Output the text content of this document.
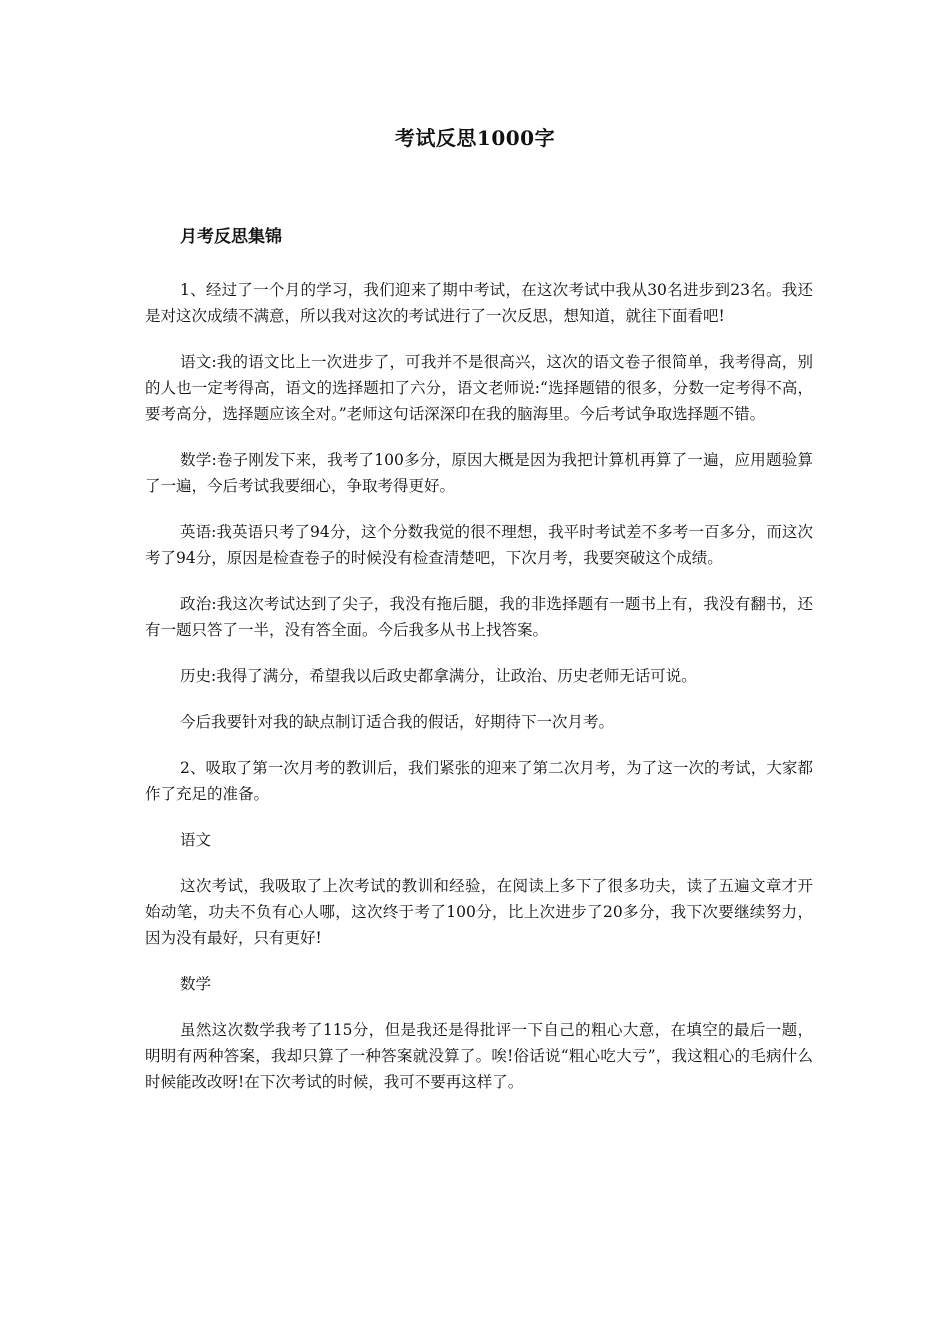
考试反思1000字
月考反思集锦

1、经过了一个月的学习，我们迎来了期中考试，在这次考试中我从30名进步到23名。我还是对这次成绩不满意，所以我对这次的考试进行了一次反思，想知道，就往下面看吧!

语文:我的语文比上一次进步了，可我并不是很高兴，这次的语文卷子很简单，我考得高，别的人也一定考得高，语文的选择题扣了六分，语文老师说:“选择题错的很多，分数一定考得不高，要考高分，选择题应该全对。”老师这句话深深印在我的脑海里。今后考试争取选择题不错。

数学:卷子刚发下来，我考了100多分，原因大概是因为我把计算机再算了一遍，应用题验算了一遍，今后考试我要细心，争取考得更好。

英语:我英语只考了94分，这个分数我觉的很不理想，我平时考试差不多考一百多分，而这次考了94分，原因是检查卷子的时候没有检查清楚吧，下次月考，我要突破这个成绩。

政治:我这次考试达到了尖子，我没有拖后腿，我的非选择题有一题书上有，我没有翻书，还有一题只答了一半，没有答全面。今后我多从书上找答案。

历史:我得了满分，希望我以后政史都拿满分，让政治、历史老师无话可说。

今后我要针对我的缺点制订适合我的假话，好期待下一次月考。

2、吸取了第一次月考的教训后，我们紧张的迎来了第二次月考，为了这一次的考试，大家都作了充足的准备。

语文

这次考试，我吸取了上次考试的教训和经验，在阅读上多下了很多功夫，读了五遍文章才开始动笔，功夫不负有心人哪，这次终于考了100分，比上次进步了20多分，我下次要继续努力，因为没有最好，只有更好!

数学

虽然这次数学我考了115分，但是我还是得批评一下自己的粗心大意，在填空的最后一题，明明有两种答案，我却只算了一种答案就没算了。唉!俗话说“粗心吃大亏”，我这粗心的毛病什么时候能改改呀!在下次考试的时候，我可不要再这样了。
